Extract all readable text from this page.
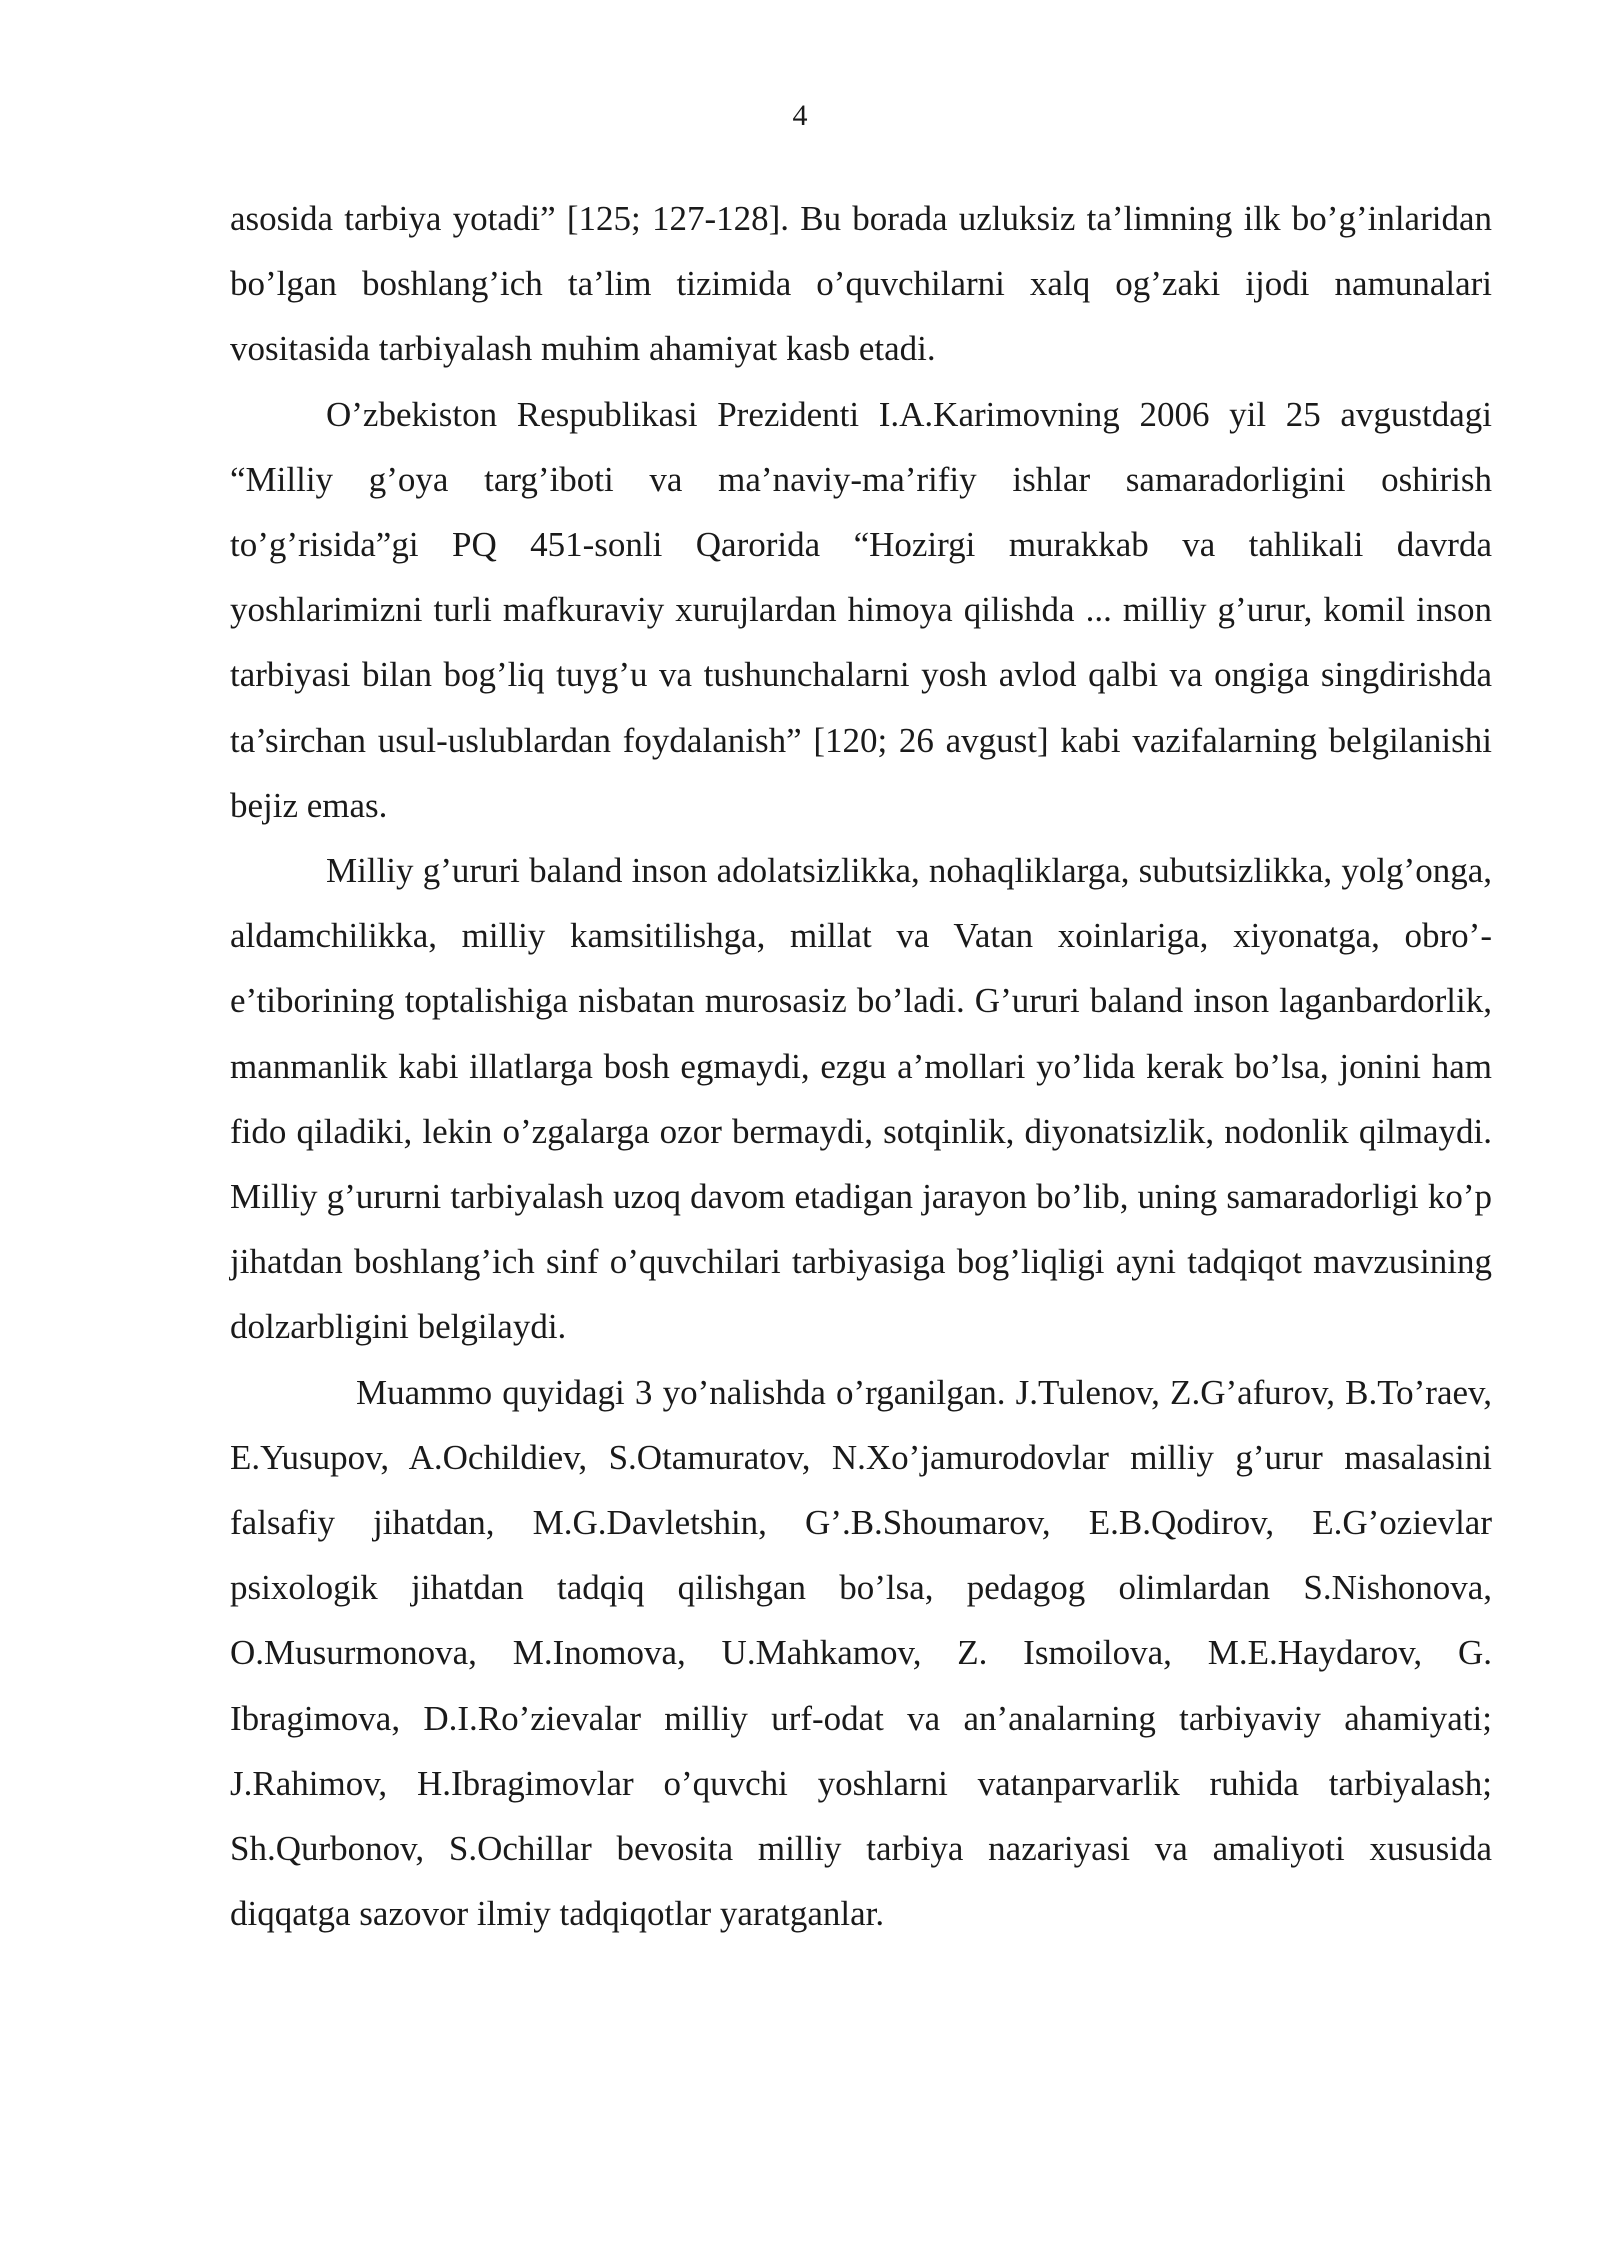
4

asosida tarbiya yotadi” [125; 127-128]. Bu borada uzluksiz ta’limning ilk bo’g’inlaridan bo’lgan boshlang’ich ta’lim tizimida o’quvchilarni xalq og’zaki ijodi namunalari vositasida tarbiyalash muhim ahamiyat kasb etadi.

O’zbekiston Respublikasi Prezidenti I.A.Karimovning 2006 yil 25 avgustdagi “Milliy g’oya targ’iboti va ma’naviy-ma’rifiy ishlar samaradorligini oshirish to’g’risida”gi PQ 451-sonli Qarorida “Hozirgi murakkab va tahlikali davrda yoshlarimizni turli mafkuraviy xurujlardan himoya qilishda ... milliy g’urur, komil inson tarbiyasi bilan bog’liq tuyg’u va tushunchalarni yosh avlod qalbi va ongiga singdirishda ta’sirchan usul-uslublardan foydalanish” [120; 26 avgust] kabi vazifalarning belgilanishi bejiz emas.

Milliy g’ururi baland inson adolatsizlikka, nohaqliklarga, subutsizlikka, yolg’onga, aldamchilikka, milliy kamsitilishga, millat va Vatan xoinlariga, xiyonatga, obro’-e’tiborining toptalishiga nisbatan murosasiz bo’ladi. G’ururi baland inson laganbardorlik, manmanlik kabi illatlarga bosh egmaydi, ezgu a’mollari yo’lida kerak bo’lsa, jonini ham fido qiladiki, lekin o’zgalarga ozor bermaydi, sotqinlik, diyonatsizlik, nodonlik qilmaydi. Milliy g’ururni tarbiyalash uzoq davom etadigan jarayon bo’lib, uning samaradorligi ko’p jihatdan boshlang’ich sinf o’quvchilari tarbiyasiga bog’liqligi ayni tadqiqot mavzusining dolzarbligini belgilaydi.

Muammo quyidagi 3 yo’nalishda o’rganilgan. J.Tulenov, Z.G’afurov, B.To’raev, E.Yusupov, A.Ochildiev, S.Otamuratov, N.Xo’jamurodovlar milliy g’urur masalasini falsafiy jihatdan, M.G.Davletshin, G’.B.Shoumarov, E.B.Qodirov, E.G’ozievlar psixologik jihatdan tadqiq qilishgan bo’lsa, pedagog olimlardan S.Nishonova, O.Musurmonova, M.Inomova, U.Mahkamov, Z. Ismoilova, M.E.Haydarov, G. Ibragimova, D.I.Ro’zievalar milliy urf-odat va an’analarning tarbiyaviy ahamiyati; J.Rahimov, H.Ibragimovlar o’quvchi yoshlarni vatanparvarlik ruhida tarbiyalash; Sh.Qurbonov, S.Ochillar bevosita milliy tarbiya nazariyasi va amaliyoti xususida diqqatga sazovor ilmiy tadqiqotlar yaratganlar.
